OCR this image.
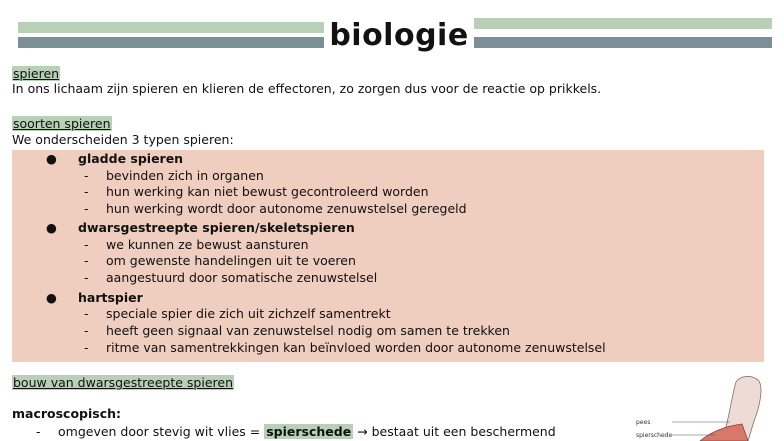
biologie
spieren
In ons lichaam zijn spieren en klieren de effectoren, zo zorgen dus voor de reactie op prikkels.
soorten spieren
We onderscheiden 3 typen spieren:
● gladde spieren
- bevinden zich in organen
- hun werking kan niet bewust gecontroleerd worden
- hun werking wordt door autonome zenuwstelsel geregeld
● dwarsgestreepte spieren/skeletspieren
- we kunnen ze bewust aansturen
- om gewenste handelingen uit te voeren
- aangestuurd door somatische zenuwstelsel
● hartspier
- speciale spier die zich uit zichzelf samentrekt
- heeft geen signaal van zenuwstelsel nodig om samen te trekken
- ritme van samentrekkingen kan beïnvloed worden door autonome zenuwstelsel
bouw van dwarsgestreepte spieren
macroscopisch:
- omgeven door stevig wit vlies = spierschede → bestaat uit een beschermend
pees
spierschede
